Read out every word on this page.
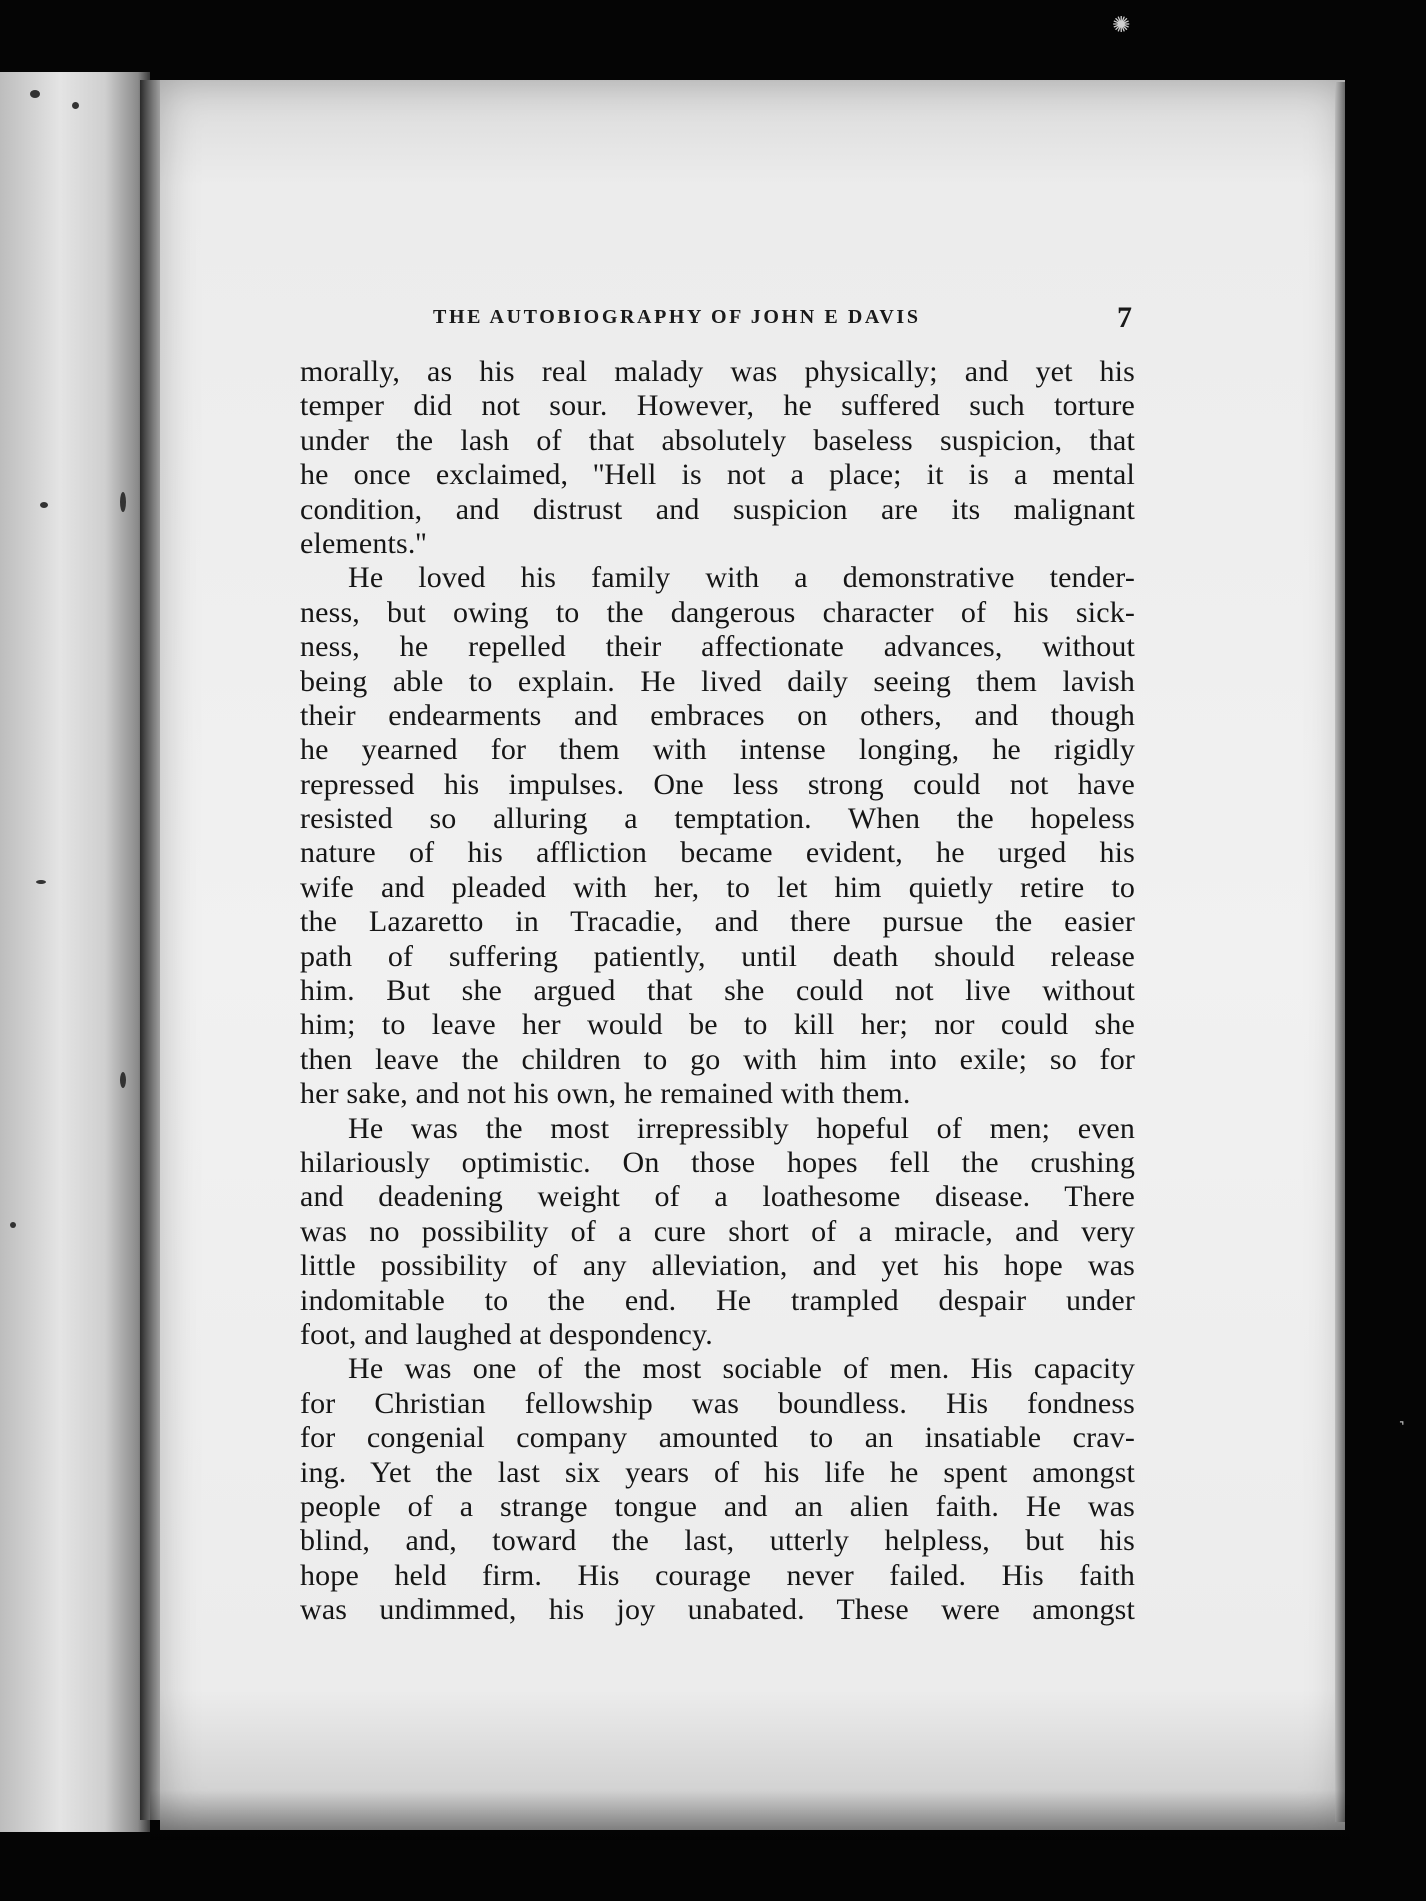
✺
˺
THE AUTOBIOGRAPHY OF JOHN E DAVIS	7
morally, as his real malady was physically; and yet his
temper did not sour. However, he suffered such torture
under the lash of that absolutely baseless suspicion, that
he once exclaimed, ''Hell is not a place; it is a mental
condition, and distrust and suspicion are its malignant
elements.''
He loved his family with a demonstrative tender-
ness, but owing to the dangerous character of his sick-
ness, he repelled their affectionate advances, without
being able to explain. He lived daily seeing them lavish
their endearments and embraces on others, and though
he yearned for them with intense longing, he rigidly
repressed his impulses. One less strong could not have
resisted so alluring a temptation. When the hopeless
nature of his affliction became evident, he urged his
wife and pleaded with her, to let him quietly retire to
the Lazaretto in Tracadie, and there pursue the easier
path of suffering patiently, until death should release
him. But she argued that she could not live without
him; to leave her would be to kill her; nor could she
then leave the children to go with him into exile; so for
her sake, and not his own, he remained with them.
He was the most irrepressibly hopeful of men; even
hilariously optimistic. On those hopes fell the crushing
and deadening weight of a loathesome disease. There
was no possibility of a cure short of a miracle, and very
little possibility of any alleviation, and yet his hope was
indomitable to the end. He trampled despair under
foot, and laughed at despondency.
He was one of the most sociable of men. His capacity
for Christian fellowship was boundless. His fondness
for congenial company amounted to an insatiable crav-
ing. Yet the last six years of his life he spent amongst
people of a strange tongue and an alien faith. He was
blind, and, toward the last, utterly helpless, but his
hope held firm. His courage never failed. His faith
was undimmed, his joy unabated. These were amongst
